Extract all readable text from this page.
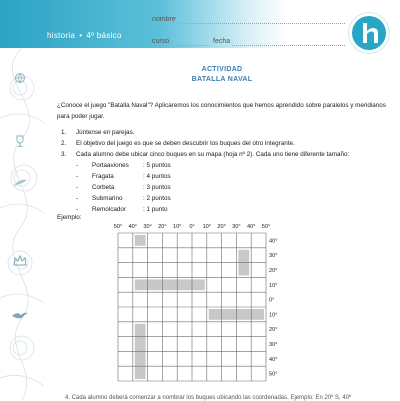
historia • 4º básico
nombre
curso	fecha
ACTIVIDAD
BATALLA NAVAL
¿Conoce el juego "Batalla Naval"? Aplicaremos los conocimientos que hemos aprendido sobre paralelos y meridianos para poder jugar.
1. Júntense en parejas.
2. El objetivo del juego es que se deben descubrir los buques del otro integrante.
3. Cada alumno debe ubicar cinco buques en su mapa (hoja nº 2). Cada uno tiene diferente tamaño:
- Portaaviones : 5 puntos
- Fragata	: 4 puntos
- Corbeta	: 3 puntos
- Submarino	: 2 puntos
- Remolcador	: 1 punto
Ejemplo:
50° 40° 30° 20° 10° 0° 10° 20° 30° 40° 50°
40°
30°
20°
10°
0°
10°
20°
30°
40°
50°
4. Cada alumno deberá comenzar a nombrar los buques ubicando las coordenadas. Ejemplo: En 20º S, 40º
